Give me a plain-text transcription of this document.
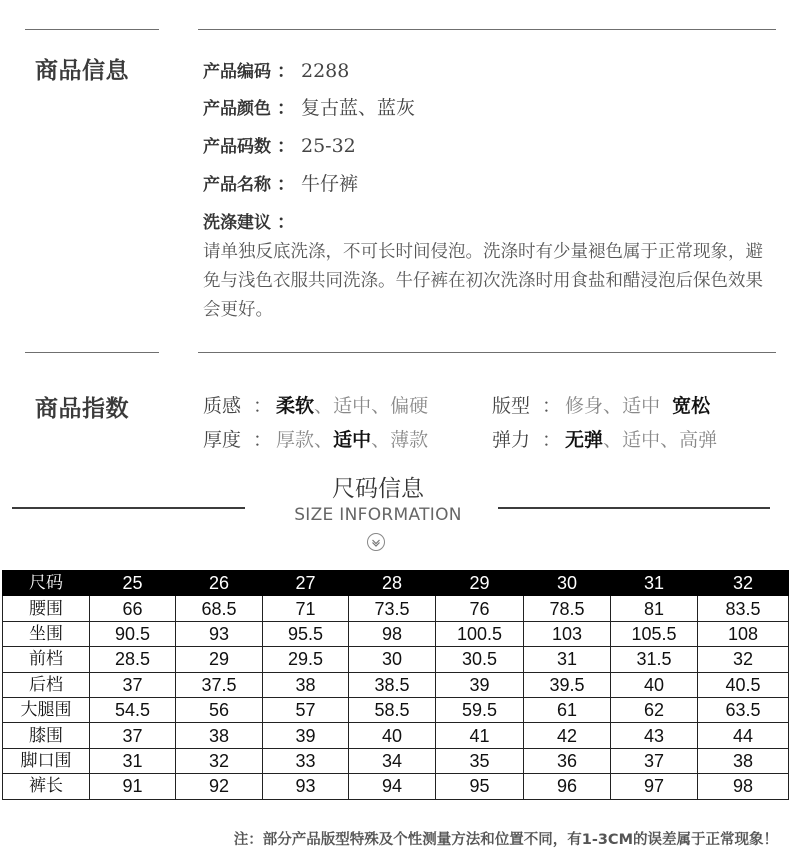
商品信息	产品编码 ： 2288
产品颜色 ： 复古蓝、蓝灰
产品码数 ： 25-32
产品名称 ： 牛仔裤
洗涤建议 ：
请单独反底洗涤，不可长时间侵泡。洗涤时有少量褪色属于正常现象，避免与浅色衣服共同洗涤。牛仔裤在初次洗涤时用食盐和醋浸泡后保色效果会更好。
商品指数	质感 ： 柔软、适中、偏硬	版型 ： 修身、适中 宽松
厚度 ： 厚款、适中、薄款	弹力 ： 无弹、适中、高弹
尺码信息
SIZE INFORMATION
尺码	25	26	27	28	29	30	31	32
腰围	66	68.5	71	73.5	76	78.5	81	83.5
坐围	90.5	93	95.5	98	100.5	103	105.5	108
前档	28.5	29	29.5	30	30.5	31	31.5	32
后档	37	37.5	38	38.5	39	39.5	40	40.5
大腿围	54.5	56	57	58.5	59.5	61	62	63.5
膝围	37	38	39	40	41	42	43	44
脚口围	31	32	33	34	35	36	37	38
裤长	91	92	93	94	95	96	97	98
注：部分产品版型特殊及个性测量方法和位置不同，有1-3CM的误差属于正常现象！
